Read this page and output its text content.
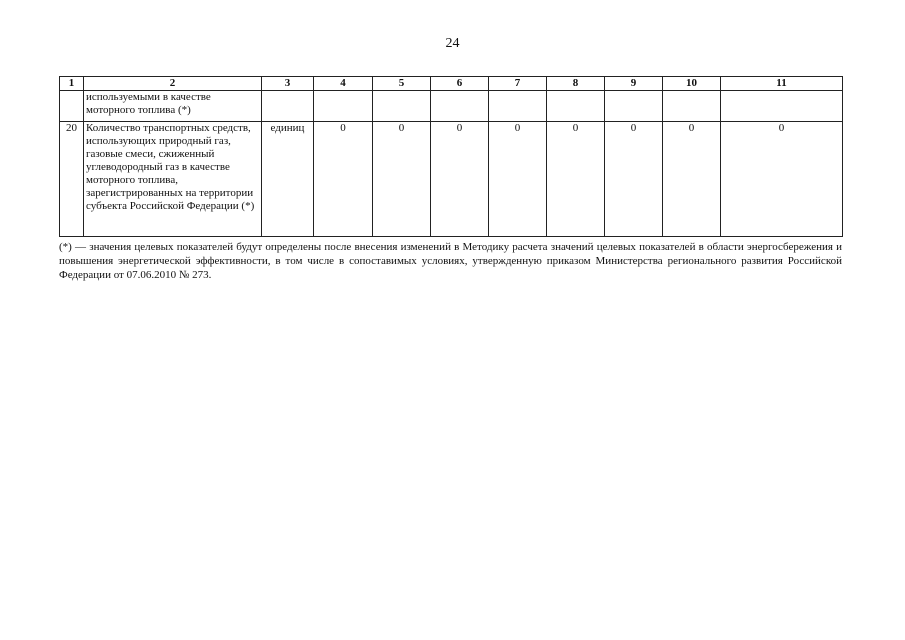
24
1	2	3	4	5	6	7	8	9	10	11
	используемыми в качестве моторного топлива (*)									
20	Количество транспортных средств, использующих природный газ, газовые смеси, сжиженный углеводородный газ в качестве моторного топлива, зарегистрированных на территории субъекта Российской Федерации (*)	единиц	0	0	0	0	0	0	0	0
(*) — значения целевых показателей будут определены после внесения изменений в Методику расчета значений целевых показателей в области энергосбережения и повышения энергетической эффективности, в том числе в сопоставимых условиях, утвержденную приказом Министерства регионального развития Российской Федерации от 07.06.2010 № 273.
